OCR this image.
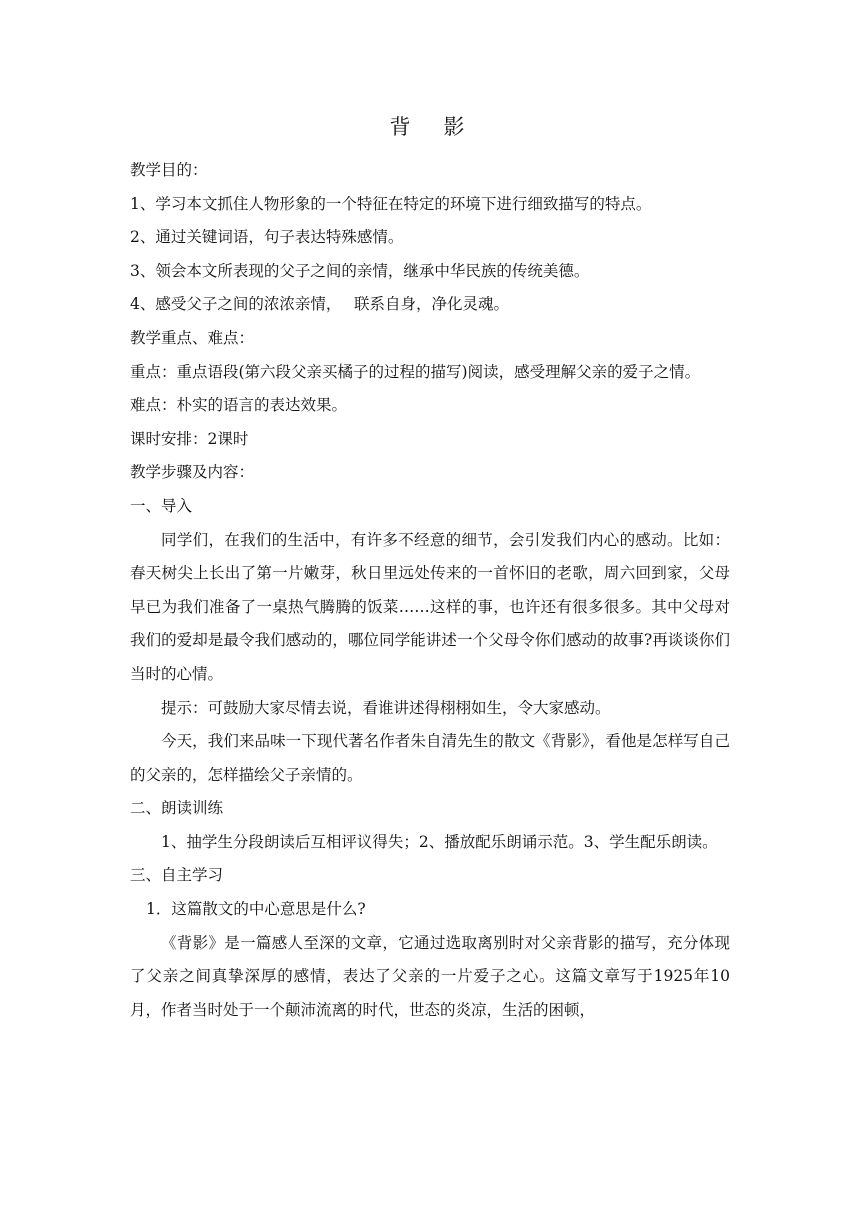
背　影

教学目的：

1、学习本文抓住人物形象的一个特征在特定的环境下进行细致描写的特点。

2、通过关键词语，句子表达特殊感情。

3、领会本文所表现的父子之间的亲情，继承中华民族的传统美德。

4、感受父子之间的浓浓亲情，　 联系自身，净化灵魂。

教学重点、难点：

重点：重点语段(第六段父亲买橘子的过程的描写)阅读，感受理解父亲的爱子之情。

难点：朴实的语言的表达效果。

课时安排：2课时

教学步骤及内容：

一、导入

同学们，在我们的生活中，有许多不经意的细节，会引发我们内心的感动。比如：春天树尖上长出了第一片嫩芽，秋日里远处传来的一首怀旧的老歌，周六回到家，父母早已为我们准备了一桌热气腾腾的饭菜……这样的事，也许还有很多很多。其中父母对我们的爱却是最令我们感动的，哪位同学能讲述一个父母令你们感动的故事?再谈谈你们当时的心情。

提示：可鼓励大家尽情去说，看谁讲述得栩栩如生，令大家感动。

今天，我们来品味一下现代著名作者朱自清先生的散文《背影》，看他是怎样写自己的父亲的，怎样描绘父子亲情的。

二、朗读训练

1、抽学生分段朗读后互相评议得失；2、播放配乐朗诵示范。3、学生配乐朗读。

三、自主学习

1．这篇散文的中心意思是什么?

《背影》是一篇感人至深的文章，它通过选取离别时对父亲背影的描写，充分体现了父亲之间真挚深厚的感情，表达了父亲的一片爱子之心。这篇文章写于1925年10月，作者当时处于一个颠沛流离的时代，世态的炎凉，生活的困顿，
